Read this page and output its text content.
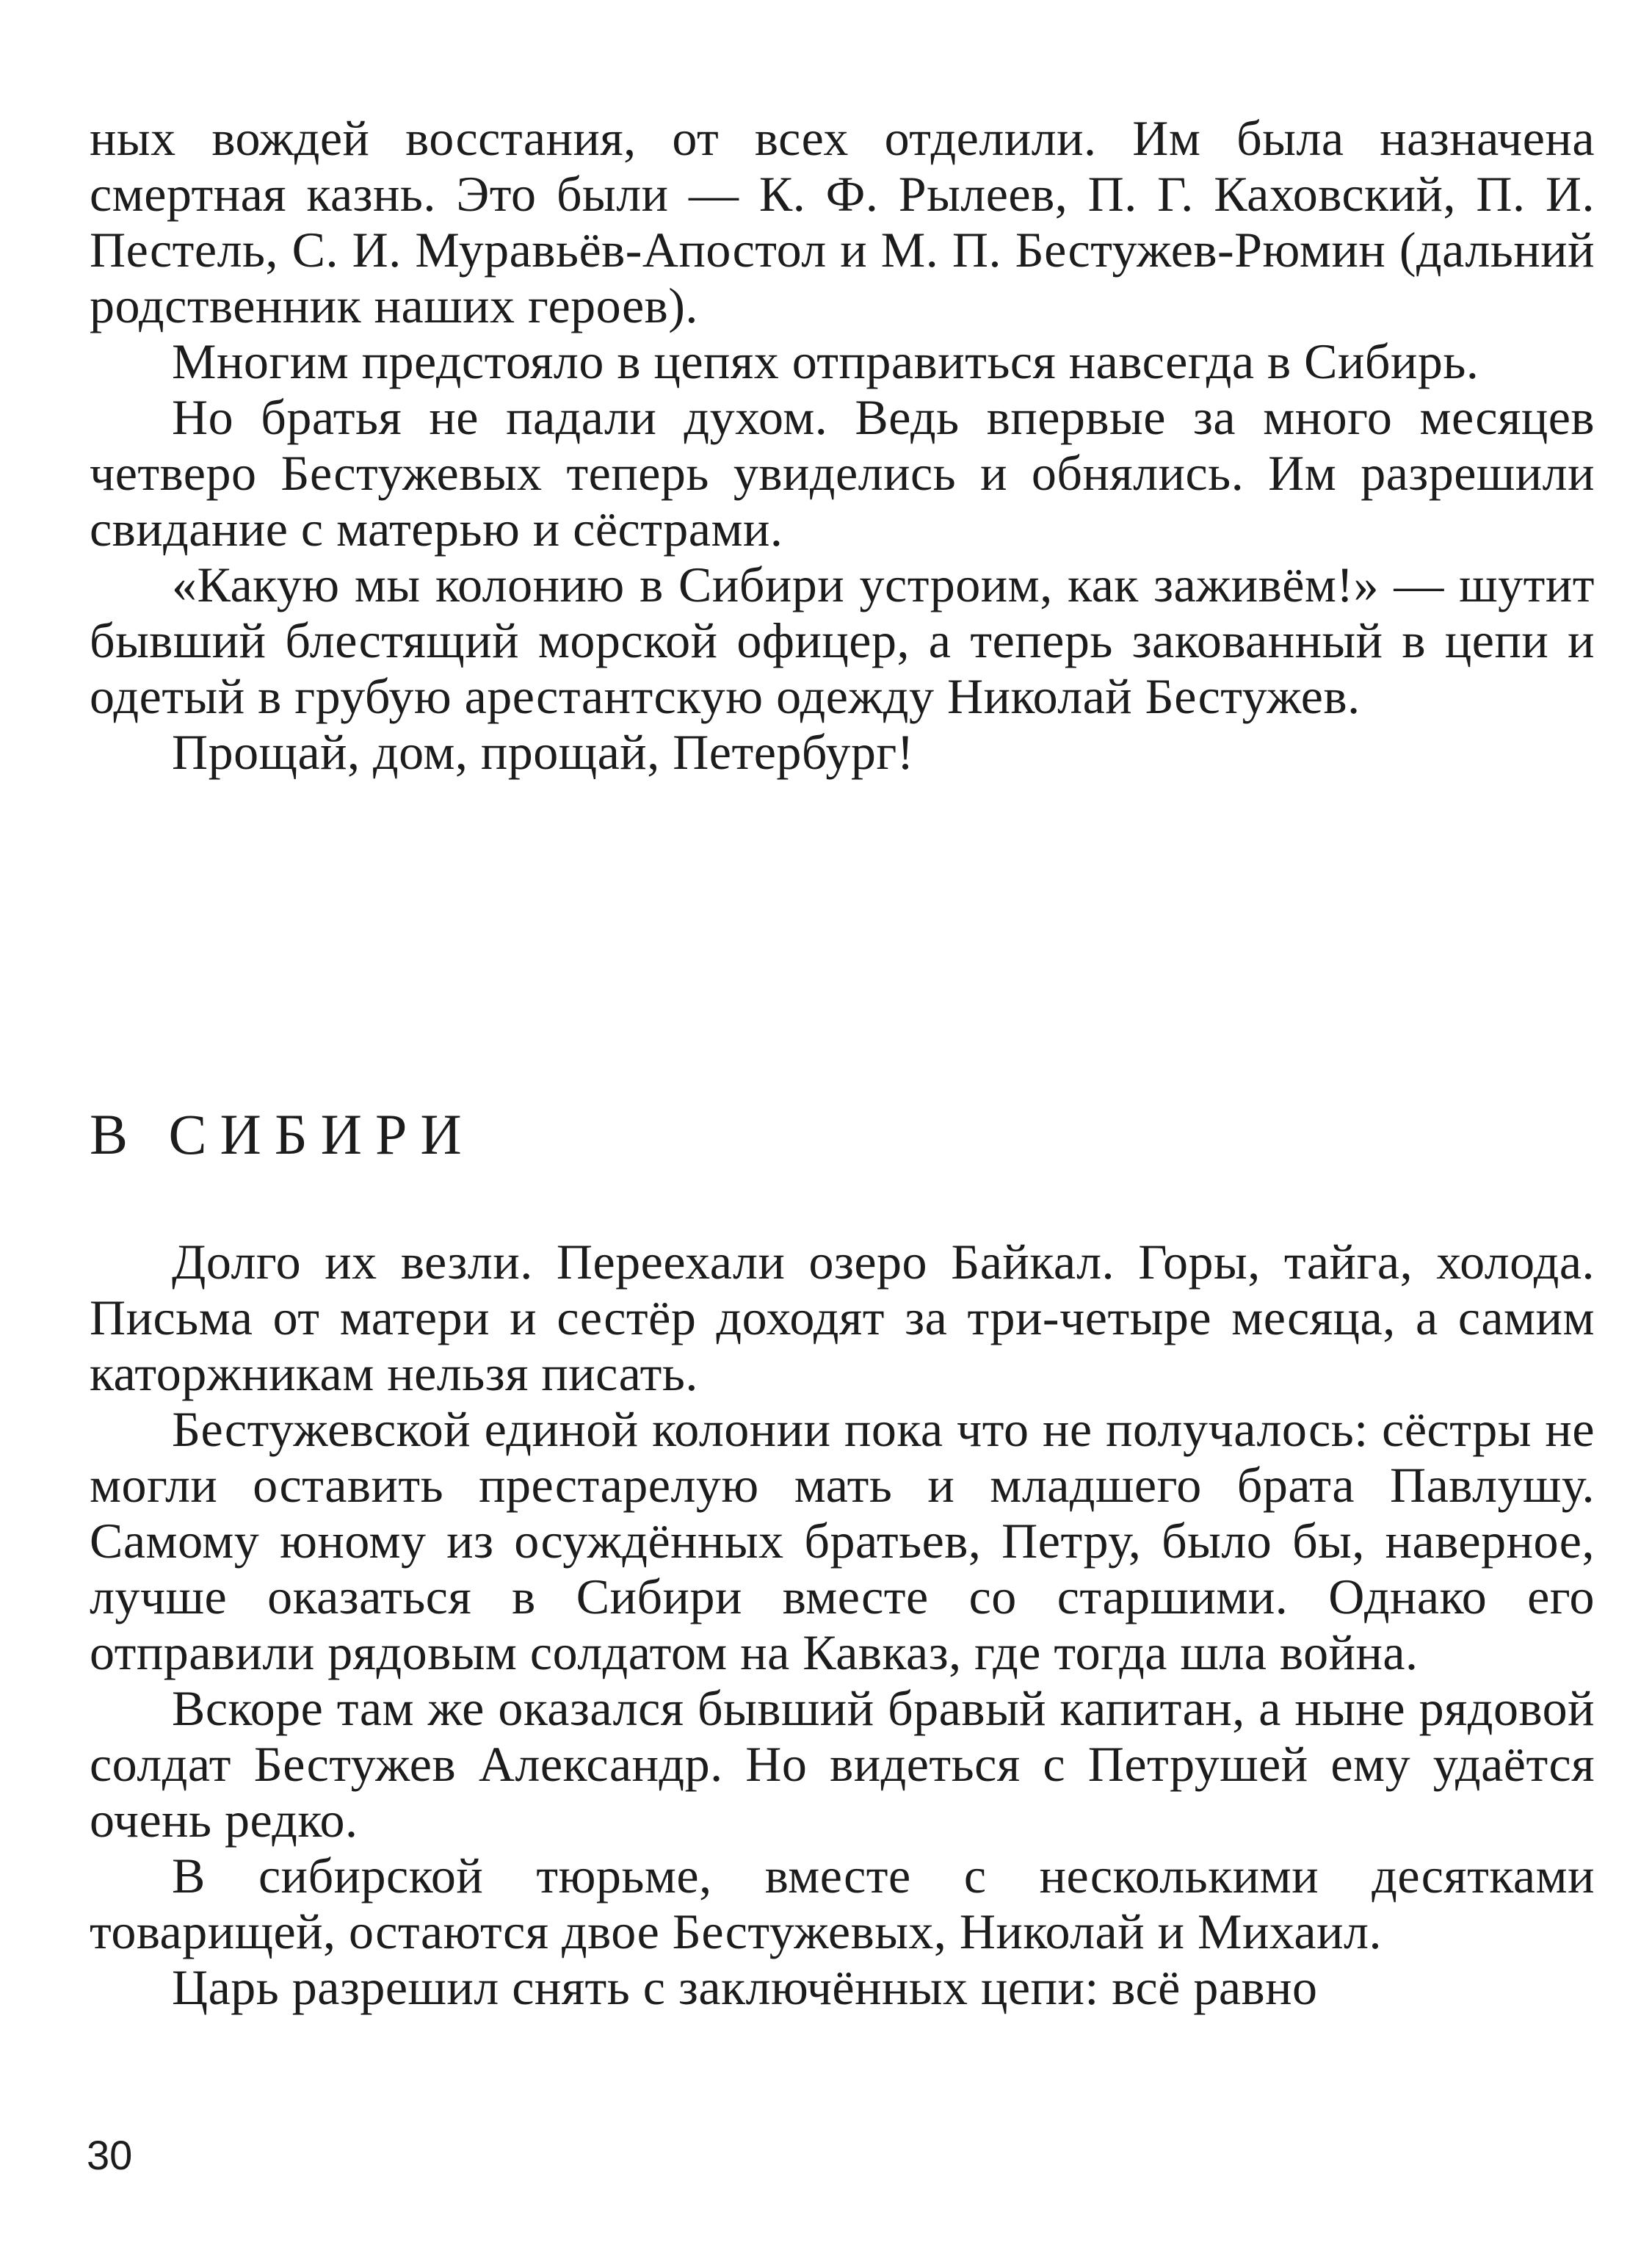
ных вождей восстания, от всех отделили. Им была назначена смертная казнь. Это были — К. Ф. Рылеев, П. Г. Каховский, П. И. Пестель, С. И. Муравьёв-Апостол и М. П. Бестужев-Рюмин (дальний родственник наших героев).

Многим предстояло в цепях отправиться навсегда в Сибирь.

Но братья не падали духом. Ведь впервые за много месяцев четверо Бестужевых теперь увиделись и обнялись. Им разрешили свидание с матерью и сёстрами.

«Какую мы колонию в Сибири устроим, как заживём!» — шутит бывший блестящий морской офицер, а теперь закованный в цепи и одетый в грубую арестантскую одежду Николай Бестужев.

Прощай, дом, прощай, Петербург!

В СИБИРИ

Долго их везли. Переехали озеро Байкал. Горы, тайга, холода. Письма от матери и сестёр доходят за три-четыре месяца, а самим каторжникам нельзя писать.

Бестужевской единой колонии пока что не получалось: сёстры не могли оставить престарелую мать и младшего брата Павлушу. Самому юному из осуждённых братьев, Петру, было бы, наверное, лучше оказаться в Сибири вместе со старшими. Однако его отправили рядовым солдатом на Кавказ, где тогда шла война.

Вскоре там же оказался бывший бравый капитан, а ныне рядовой солдат Бестужев Александр. Но видеться с Петрушей ему удаётся очень редко.

В сибирской тюрьме, вместе с несколькими десятками товарищей, остаются двое Бестужевых, Николай и Михаил.

Царь разрешил снять с заключённых цепи: всё равно

30
